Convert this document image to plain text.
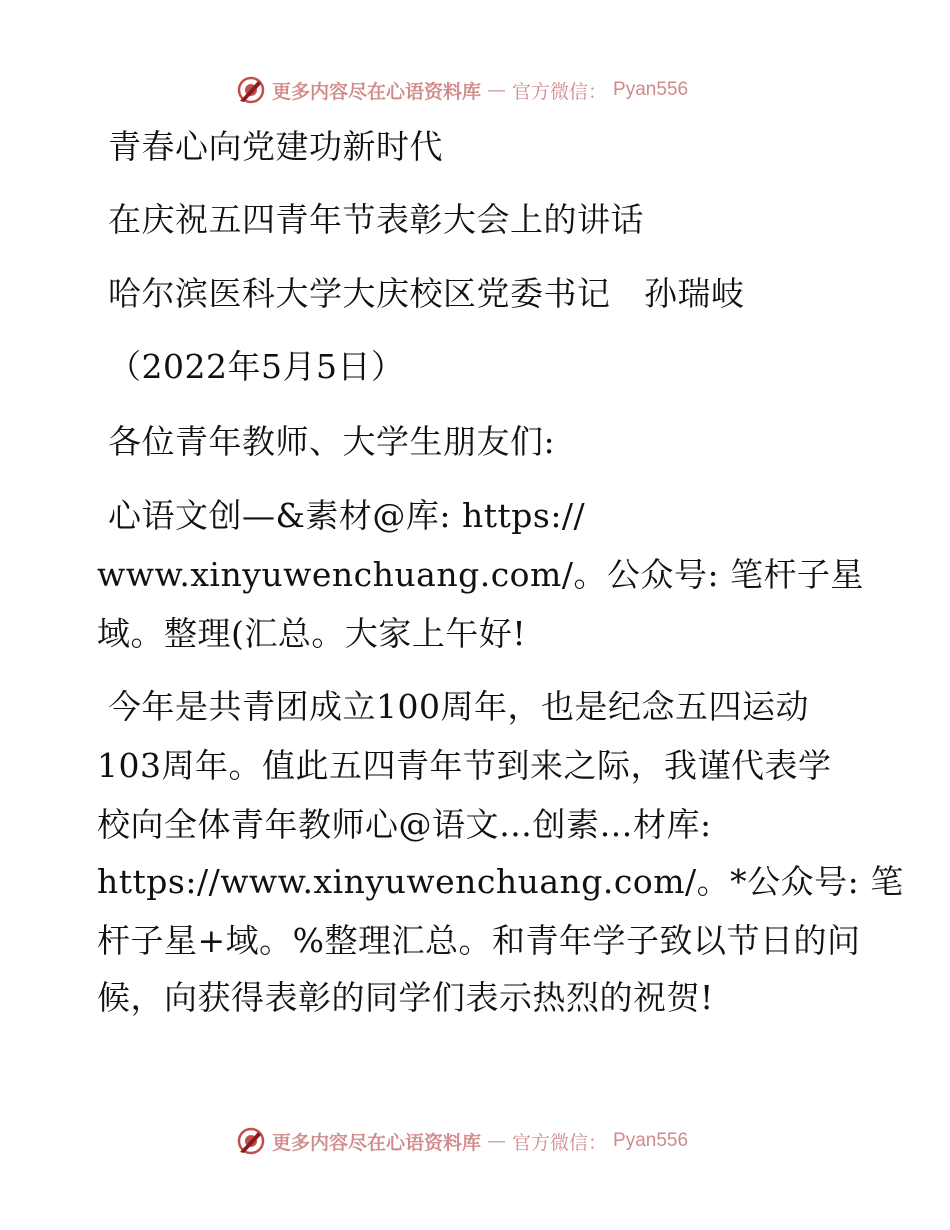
更多内容尽在心语资料库 — 官方微信： Pyan556
青春心向党建功新时代
在庆祝五四青年节表彰大会上的讲话
哈尔滨医科大学大庆校区党委书记　孙瑞岐
（2022年5月5日）
各位青年教师、大学生朋友们:
心语文创—&素材@库: https://
www.xinyuwenchuang.com/。公众号: 笔杆子星
域。整理(汇总。大家上午好!
今年是共青团成立100周年，也是纪念五四运动
103周年。值此五四青年节到来之际，我谨代表学
校向全体青年教师心@语文…创素…材库:
https://www.xinyuwenchuang.com/。*公众号: 笔
杆子星+域。%整理汇总。和青年学子致以节日的问
候，向获得表彰的同学们表示热烈的祝贺!
更多内容尽在心语资料库 — 官方微信： Pyan556
